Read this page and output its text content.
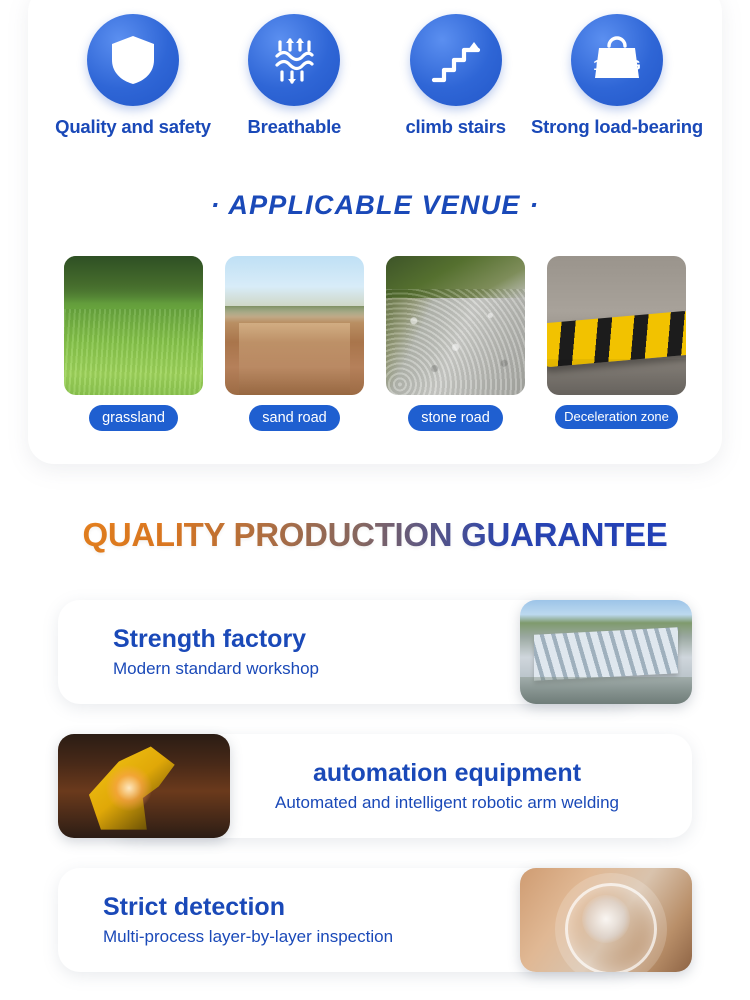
Quality and safety Breathable	climb stairs
150KG
Strong load-bearing
· APPLICABLE VENUE ·
grassland	sand road	stone road	Deceleration zone
QUALITY PRODUCTION GUARANTEE
Strength factory
Modern standard workshop
automation equipment
Automated and intelligent robotic arm welding
Strict detection
Multi-process layer-by-layer inspection
